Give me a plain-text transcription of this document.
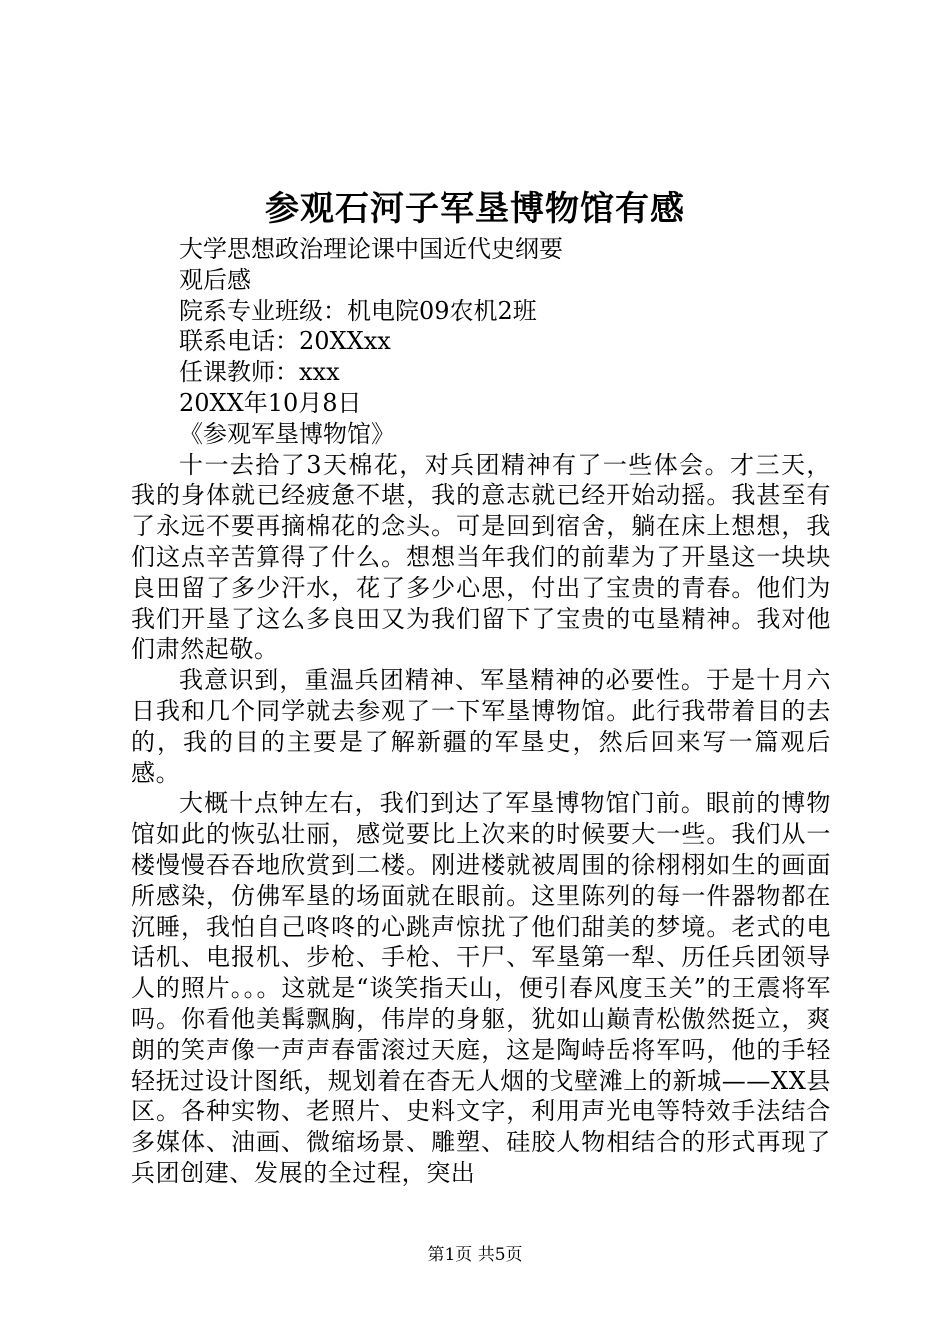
参观石河子军垦博物馆有感
大学思想政治理论课中国近代史纲要
观后感
院系专业班级：机电院09农机2班
联系电话：20XXxx
任课教师：xxx
20XX年10月8日
《参观军垦博物馆》

十一去拾了3天棉花，对兵团精神有了一些体会。才三天，我的身体就已经疲惫不堪，我的意志就已经开始动摇。我甚至有了永远不要再摘棉花的念头。可是回到宿舍，躺在床上想想，我们这点辛苦算得了什么。想想当年我们的前辈为了开垦这一块块良田留了多少汗水，花了多少心思，付出了宝贵的青春。他们为我们开垦了这么多良田又为我们留下了宝贵的屯垦精神。我对他们肃然起敬。

我意识到，重温兵团精神、军垦精神的必要性。于是十月六日我和几个同学就去参观了一下军垦博物馆。此行我带着目的去的，我的目的主要是了解新疆的军垦史，然后回来写一篇观后感。

大概十点钟左右，我们到达了军垦博物馆门前。眼前的博物馆如此的恢弘壮丽，感觉要比上次来的时候要大一些。我们从一楼慢慢吞吞地欣赏到二楼。刚进楼就被周围的徐栩栩如生的画面所感染，仿佛军垦的场面就在眼前。这里陈列的每一件器物都在沉睡，我怕自己咚咚的心跳声惊扰了他们甜美的梦境。老式的电话机、电报机、步枪、手枪、干尸、军垦第一犁、历任兵团领导人的照片。。。这就是“谈笑指天山，便引春风度玉关”的王震将军吗。你看他美髯飘胸，伟岸的身躯，犹如山巅青松傲然挺立，爽朗的笑声像一声声春雷滚过天庭，这是陶峙岳将军吗，他的手轻轻抚过设计图纸，规划着在杳无人烟的戈壁滩上的新城——XX县区。各种实物、老照片、史料文字，利用声光电等特效手法结合多媒体、油画、微缩场景、雕塑、硅胶人物相结合的形式再现了兵团创建、发展的全过程，突出

第1页 共5页
